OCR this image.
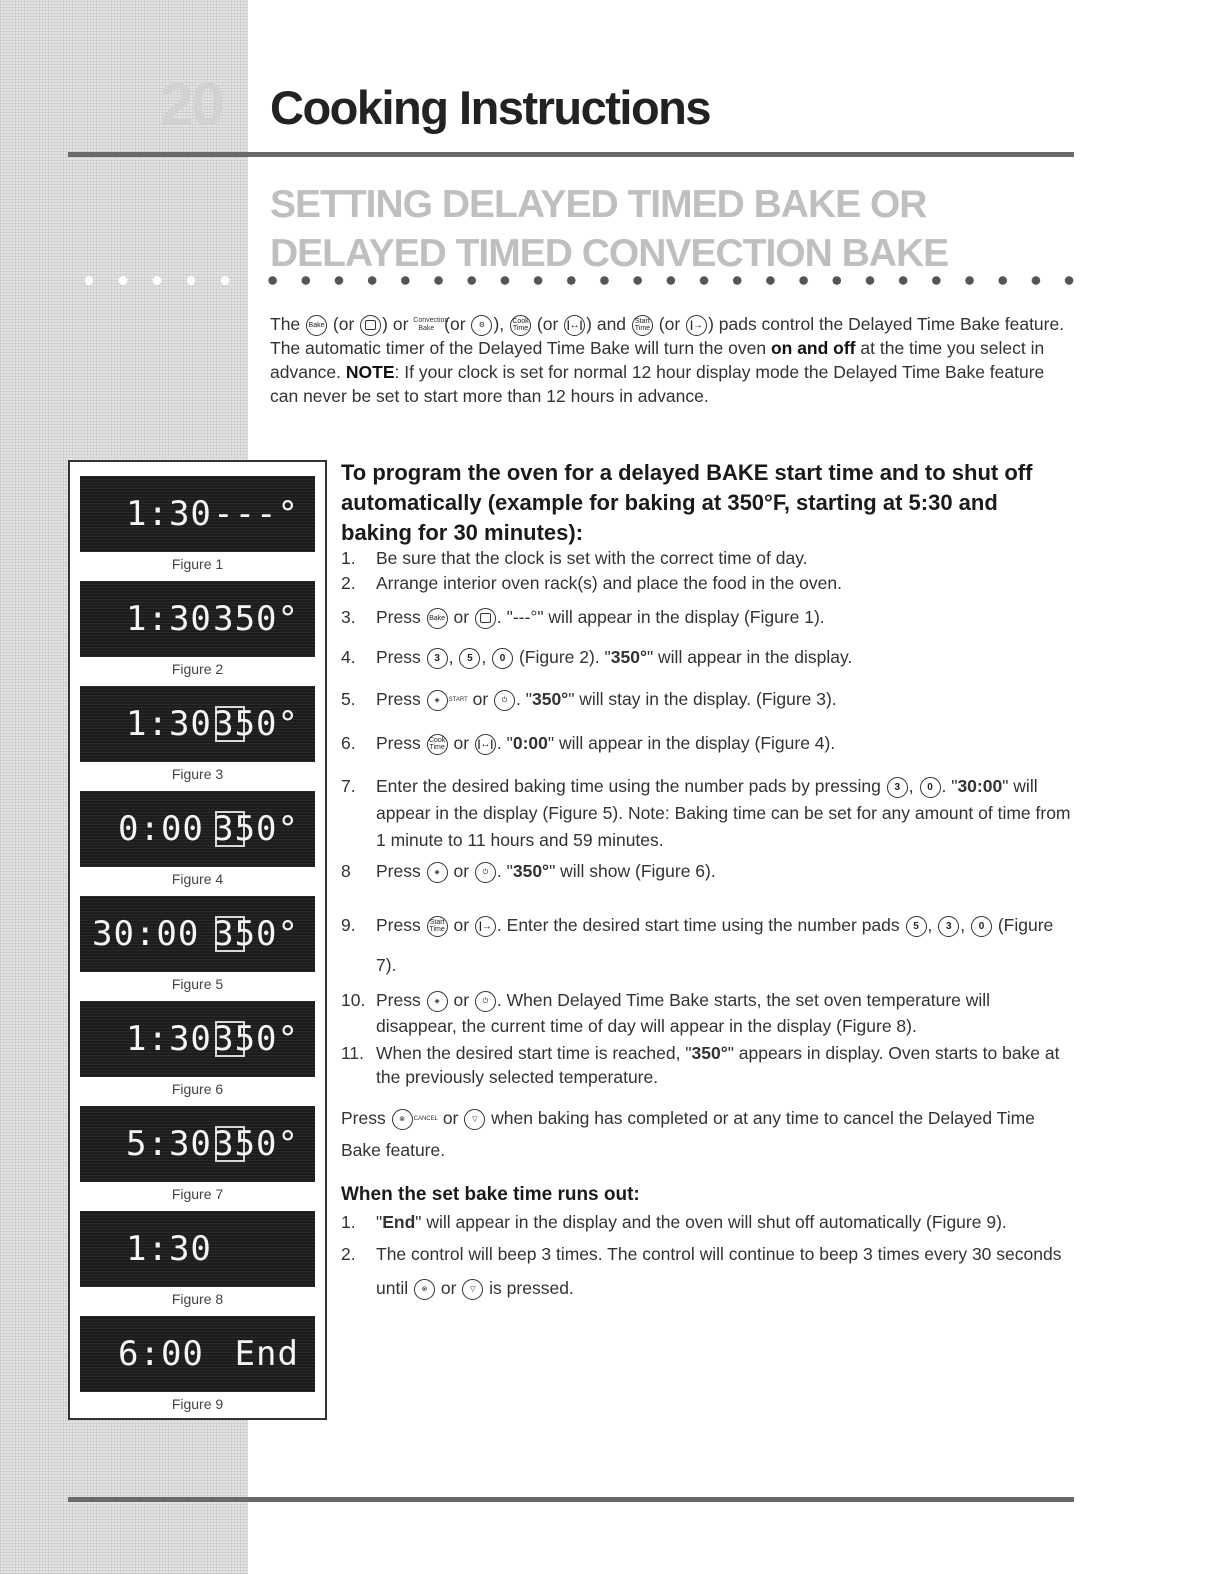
20 Cooking Instructions
SETTING DELAYED TIMED BAKE OR DELAYED TIMED CONVECTION BAKE

The Bake (or ) or Convection Bake (or ⚙ ), Cook Time (or |↔| ) and Start Time (or |→ ) pads control the Delayed Time Bake feature. The automatic timer of the Delayed Time Bake will turn the oven on and off at the time you select in advance. NOTE: If your clock is set for normal 12 hour display mode the Delayed Time Bake feature can never be set to start more than 12 hours in advance.

1:30 ---°
Figure 1
1:30 350°
Figure 2
1:30 350°
Figure 3
0:00 350°
Figure 4
30:00 350°
Figure 5
1:30 350°
Figure 6
5:30 350°
Figure 7
1:30
Figure 8
6:00 End
Figure 9
To program the oven for a delayed BAKE start time and to shut off automatically (example for baking at 350°F, starting at 5:30 and baking for 30 minutes):
1. Be sure that the clock is set with the correct time of day.
2. Arrange interior oven rack(s) and place the food in the oven.
3. Press Bake or . "---°" will appear in the display (Figure 1).
4. Press 3 , 5 , 0 (Figure 2). "350°" will appear in the display.
5. Press ◈ START or ⏻ . "350°" will stay in the display. (Figure 3).
6. Press Cook Time or |↔| . "0:00" will appear in the display (Figure 4).
7. Enter the desired baking time using the number pads by pressing 3 , 0 . "30:00" will appear in the display (Figure 5). Note: Baking time can be set for any amount of time from 1 minute to 11 hours and 59 minutes.
8 Press ◈ or ⏻ . "350°" will show (Figure 6).
9. Press Start Time or |→ . Enter the desired start time using the number pads 5 , 3 , 0 (Figure 7).
10. Press ◈ or ⏻ . When Delayed Time Bake starts, the set oven temperature will disappear, the current time of day will appear in the display (Figure 8).
11. When the desired start time is reached, "350°" appears in display. Oven starts to bake at the previously selected temperature.

Press ⊗ CANCEL or ▽ when baking has completed or at any time to cancel the Delayed Time Bake feature.

When the set bake time runs out:
1. "End" will appear in the display and the oven will shut off automatically (Figure 9).
2. The control will beep 3 times. The control will continue to beep 3 times every 30 seconds until ⊗ or ▽ is pressed.
